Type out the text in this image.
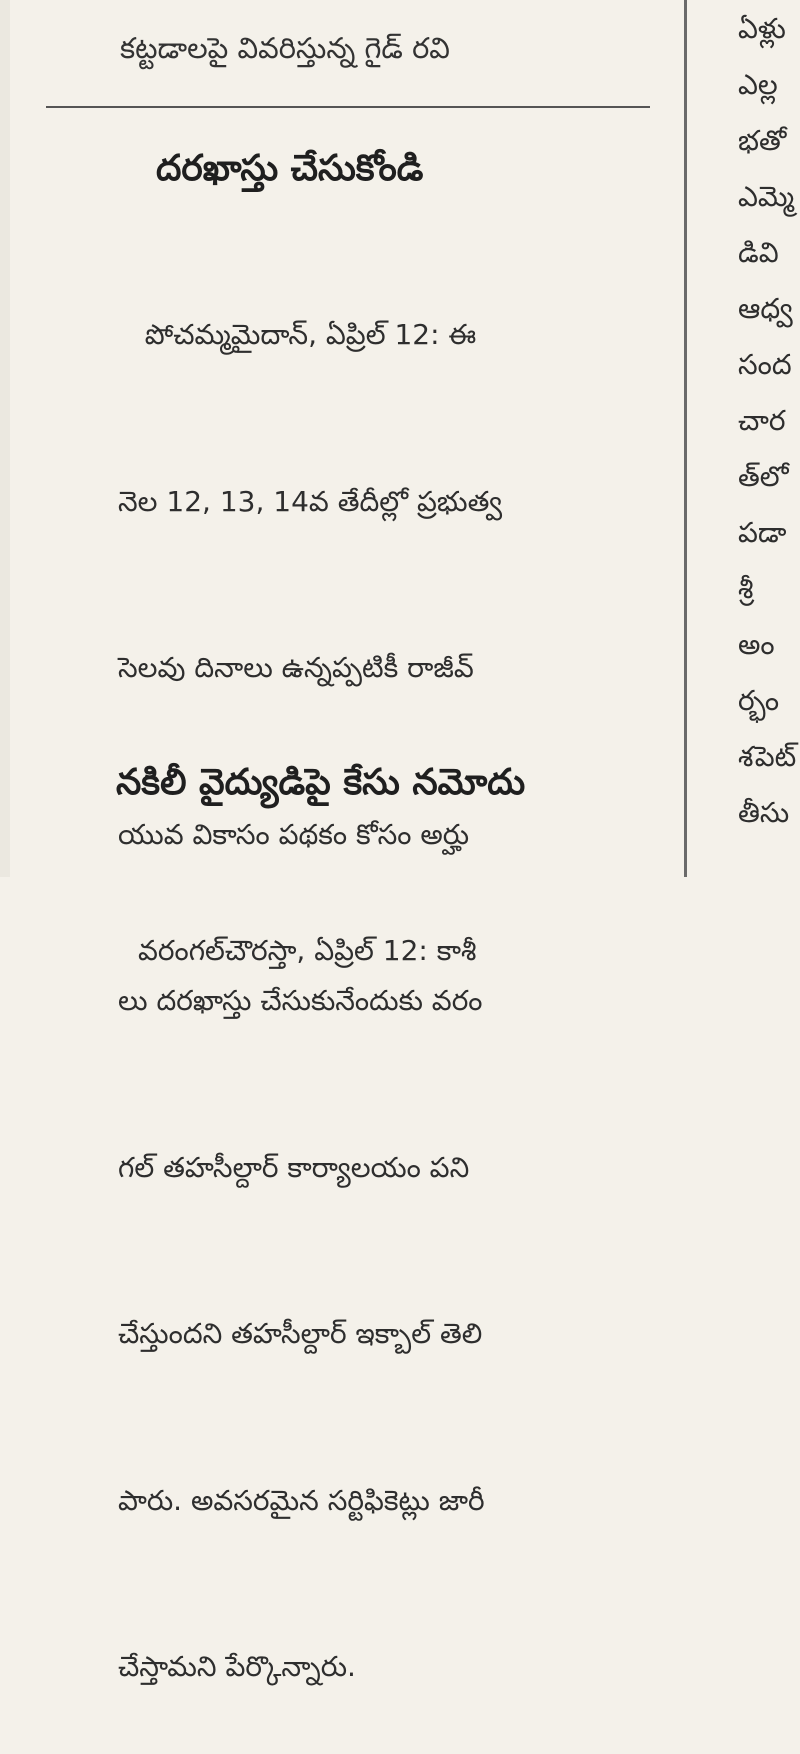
కట్టడాలపై వివరిస్తున్న గైడ్ రవి
దరఖాస్తు చేసుకోండి

పోచమ్మమైదాన్, ఏప్రిల్ 12: ఈ

నెల 12, 13, 14వ తేదీల్లో ప్రభుత్వ

సెలవు దినాలు ఉన్నప్పటికీ రాజీవ్

యువ వికాసం పథకం కోసం అర్హు

లు దరఖాస్తు చేసుకునేందుకు వరం

గల్ తహసీల్దార్ కార్యాలయం పని

చేస్తుందని తహసీల్దార్ ఇక్బాల్ తెలి

పారు. అవసరమైన సర్టిఫికెట్లు జారీ

చేస్తామని పేర్కొన్నారు.

నకిలీ వైద్యుడిపై కేసు నమోదు

వరంగల్‌చౌరస్తా, ఏప్రిల్ 12: కాశీ

ఏళ్లు
ఎల్ల
భతో
ఎమ్మె
డివి
ఆధ్వ
సంద
చార
త్‌లో
పడా
శ్రీ
అం
ర్భం
శపెట్
తీసు
